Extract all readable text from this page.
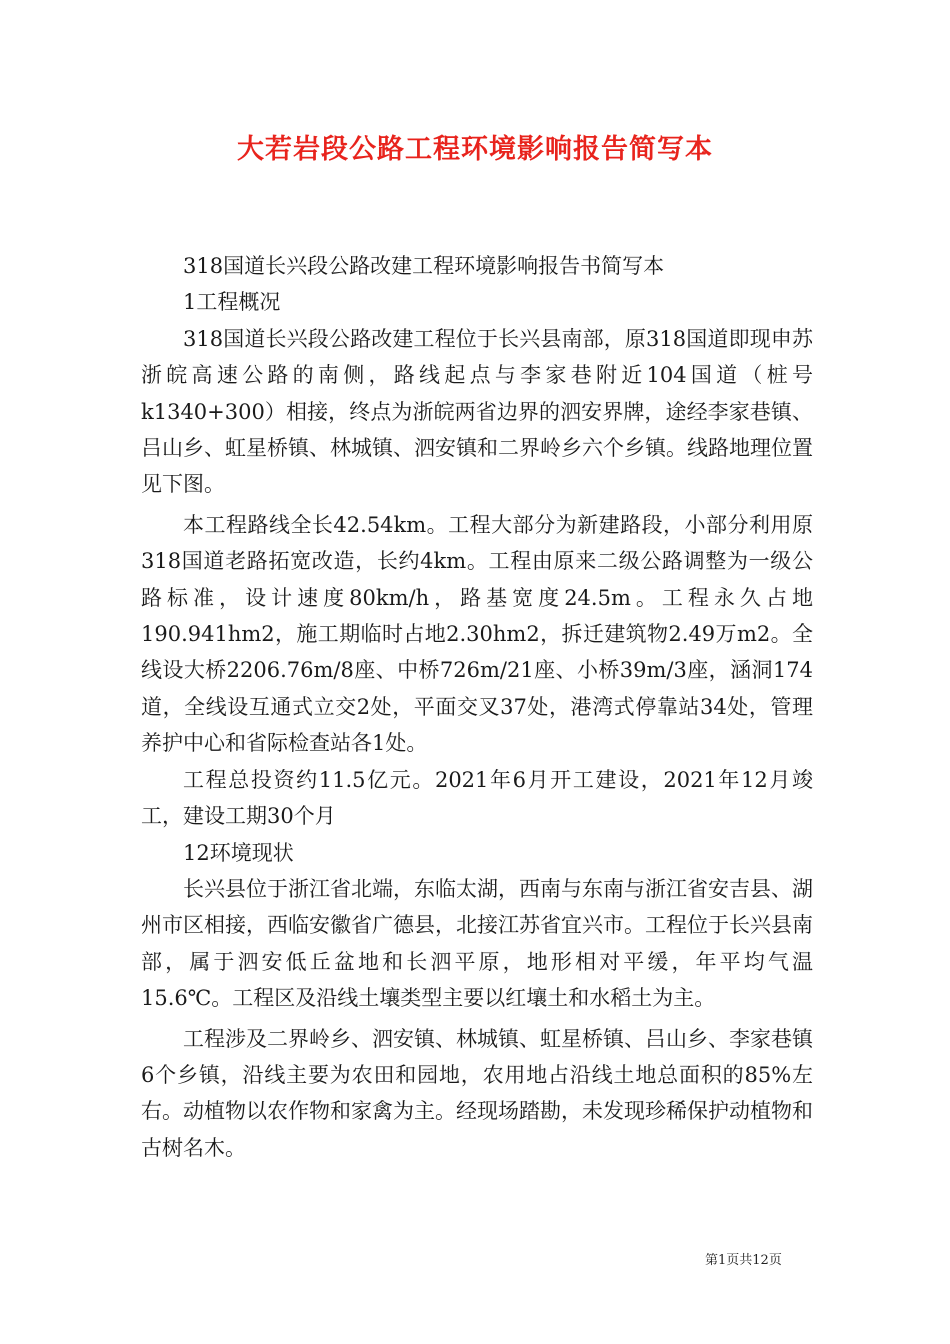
大若岩段公路工程环境影响报告简写本

318国道长兴段公路改建工程环境影响报告书简写本

1工程概况

318国道长兴段公路改建工程位于长兴县南部，原318国道即现申苏浙皖高速公路的南侧，路线起点与李家巷附近104国道（桩号k1340+300）相接，终点为浙皖两省边界的泗安界牌，途经李家巷镇、吕山乡、虹星桥镇、林城镇、泗安镇和二界岭乡六个乡镇。线路地理位置见下图。

本工程路线全长42.54km。工程大部分为新建路段，小部分利用原318国道老路拓宽改造，长约4km。工程由原来二级公路调整为一级公路标准，设计速度80km/h，路基宽度24.5m。工程永久占地190.941hm2，施工期临时占地2.30hm2，拆迁建筑物2.49万m2。全线设大桥2206.76m/8座、中桥726m/21座、小桥39m/3座，涵洞174道，全线设互通式立交2处，平面交叉37处，港湾式停靠站34处，管理养护中心和省际检查站各1处。

工程总投资约11.5亿元。2021年6月开工建设，2021年12月竣工，建设工期30个月

12环境现状

长兴县位于浙江省北端，东临太湖，西南与东南与浙江省安吉县、湖州市区相接，西临安徽省广德县，北接江苏省宜兴市。工程位于长兴县南部，属于泗安低丘盆地和长泗平原，地形相对平缓，年平均气温15.6℃。工程区及沿线土壤类型主要以红壤土和水稻土为主。

工程涉及二界岭乡、泗安镇、林城镇、虹星桥镇、吕山乡、李家巷镇6个乡镇，沿线主要为农田和园地，农用地占沿线土地总面积的85%左右。动植物以农作物和家禽为主。经现场踏勘，未发现珍稀保护动植物和古树名木。

第1页共12页
